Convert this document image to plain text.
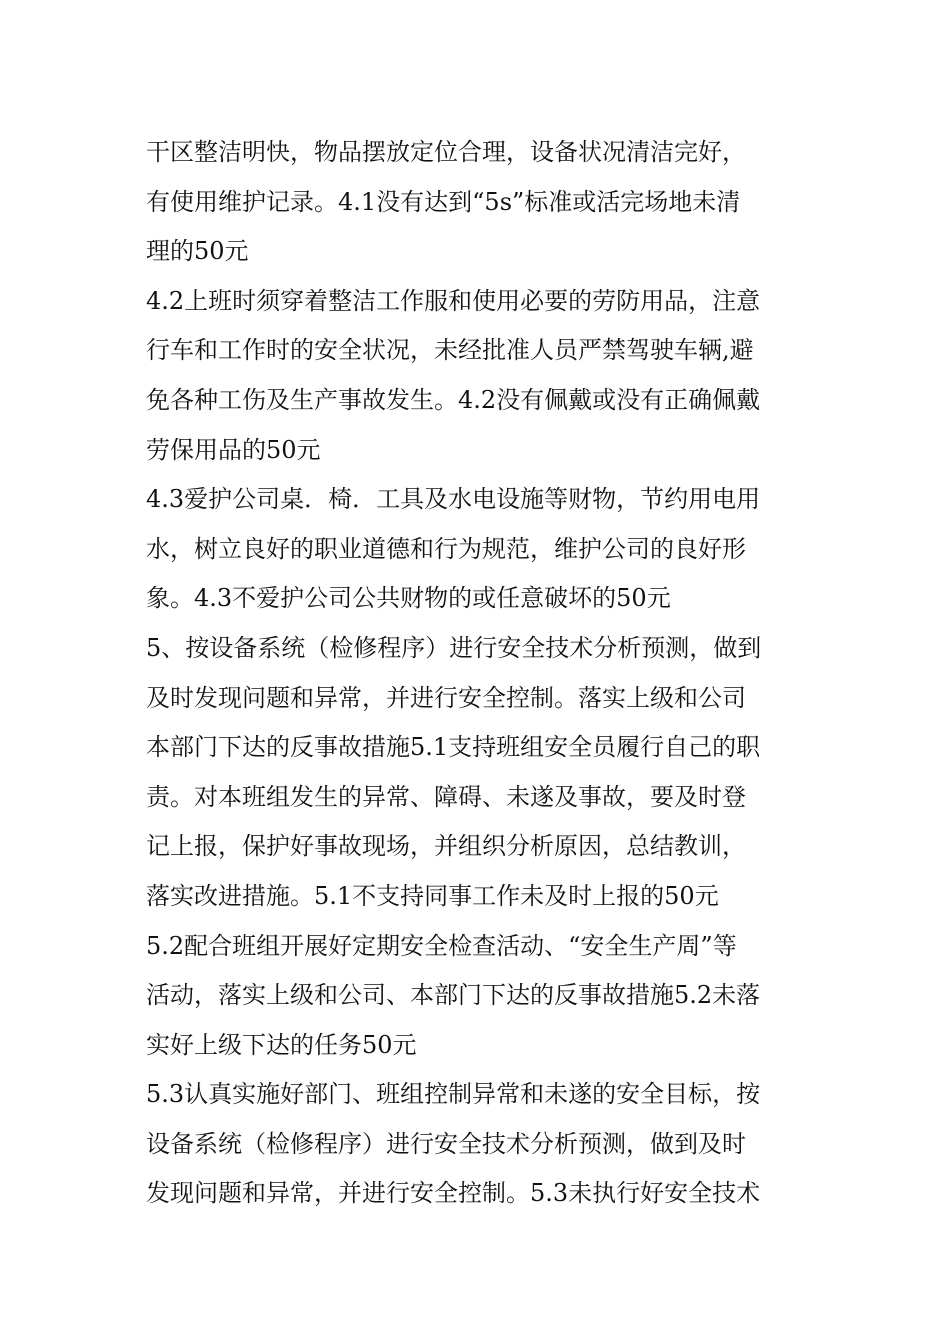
干区整洁明快，物品摆放定位合理，设备状况清洁完好，
有使用维护记录。4.1没有达到“5s”标准或活完场地未清
理的50元
4.2上班时须穿着整洁工作服和使用必要的劳防用品，注意
行车和工作时的安全状况，未经批准人员严禁驾驶车辆,避
免各种工伤及生产事故发生。4.2没有佩戴或没有正确佩戴
劳保用品的50元
4.3爱护公司桌．椅．工具及水电设施等财物，节约用电用
水，树立良好的职业道德和行为规范，维护公司的良好形
象。4.3不爱护公司公共财物的或任意破坏的50元
5、按设备系统（检修程序）进行安全技术分析预测，做到
及时发现问题和异常，并进行安全控制。落实上级和公司
本部门下达的反事故措施5.1支持班组安全员履行自己的职
责。对本班组发生的异常、障碍、未遂及事故，要及时登
记上报，保护好事故现场，并组织分析原因，总结教训，
落实改进措施。5.1不支持同事工作未及时上报的50元
5.2配合班组开展好定期安全检查活动、“安全生产周”等
活动，落实上级和公司、本部门下达的反事故措施5.2未落
实好上级下达的任务50元
5.3认真实施好部门、班组控制异常和未遂的安全目标，按
设备系统（检修程序）进行安全技术分析预测，做到及时
发现问题和异常，并进行安全控制。5.3未执行好安全技术
